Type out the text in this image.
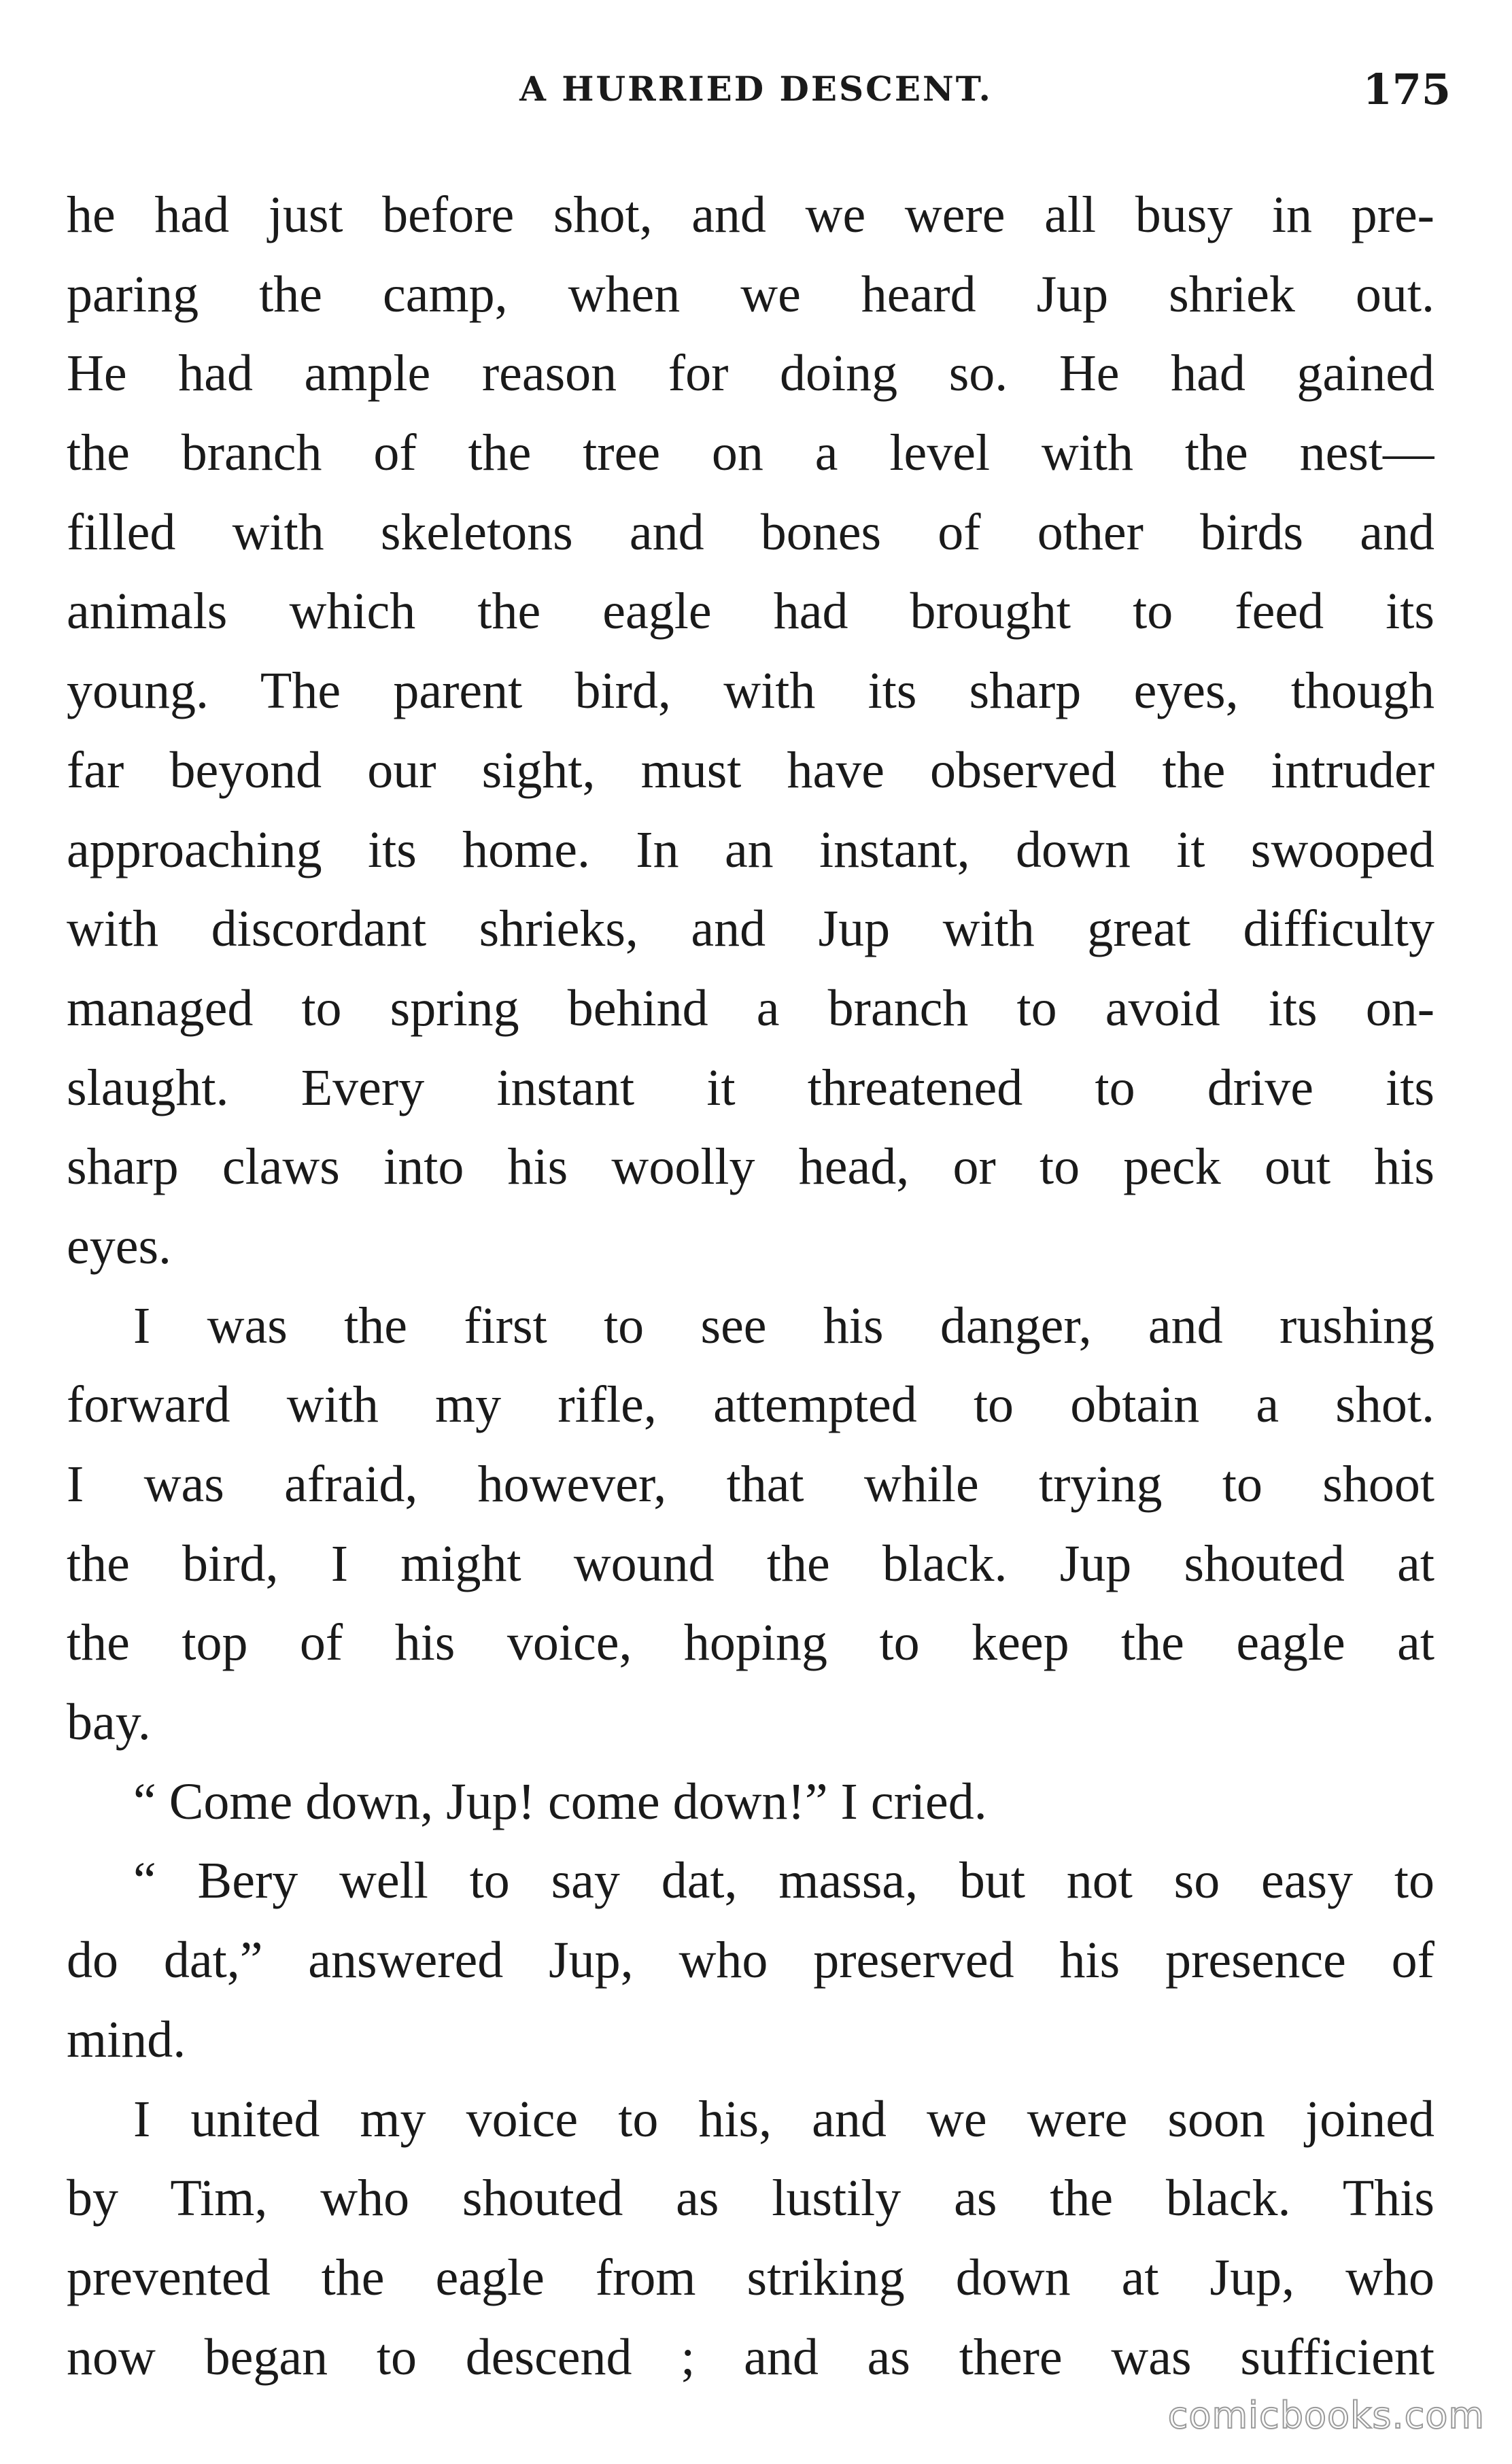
A HURRIED DESCENT.	175
he had just before shot, and we were all busy in pre-
paring the camp, when we heard Jup shriek out.
He had ample reason for doing so. He had gained
the branch of the tree on a level with the nest—
filled with skeletons and bones of other birds and
animals which the eagle had brought to feed its
young. The parent bird, with its sharp eyes, though
far beyond our sight, must have observed the intruder
approaching its home. In an instant, down it swooped
with discordant shrieks, and Jup with great difficulty
managed to spring behind a branch to avoid its on-
slaught. Every instant it threatened to drive its
sharp claws into his woolly head, or to peck out his
eyes.
I was the first to see his danger, and rushing
forward with my rifle, attempted to obtain a shot.
I was afraid, however, that while trying to shoot
the bird, I might wound the black. Jup shouted at
the top of his voice, hoping to keep the eagle at
bay.
“ Come down, Jup! come down!” I cried.
“ Bery well to say dat, massa, but not so easy to
do dat,” answered Jup, who preserved his presence of
mind.
I united my voice to his, and we were soon joined
by Tim, who shouted as lustily as the black. This
prevented the eagle from striking down at Jup, who
now began to descend ; and as there was sufficient
comicbooks.com
